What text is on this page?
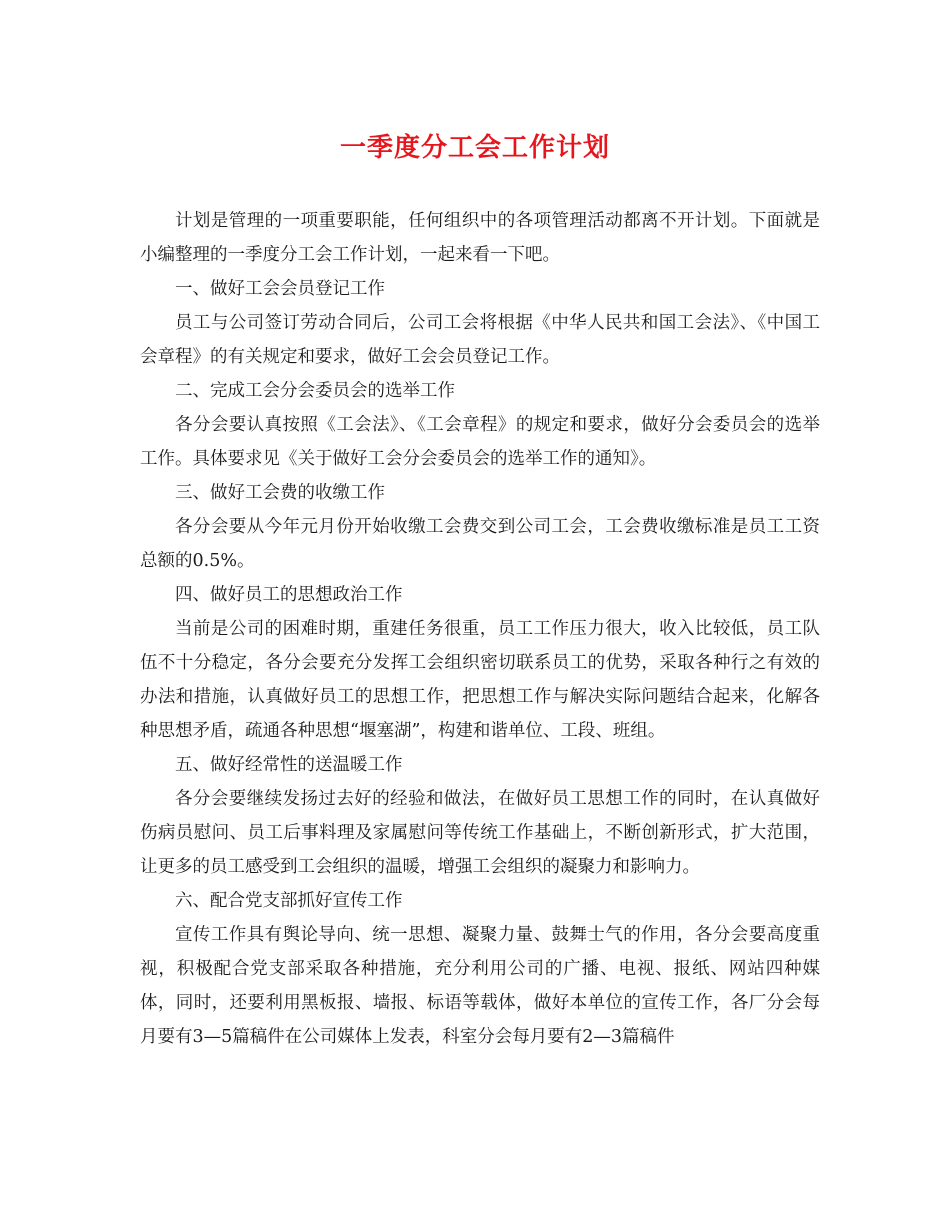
一季度分工会工作计划

计划是管理的一项重要职能，任何组织中的各项管理活动都离不开计划。下面就是小编整理的一季度分工会工作计划，一起来看一下吧。

一、做好工会会员登记工作

员工与公司签订劳动合同后，公司工会将根据《中华人民共和国工会法》、《中国工会章程》的有关规定和要求，做好工会会员登记工作。

二、完成工会分会委员会的选举工作

各分会要认真按照《工会法》、《工会章程》的规定和要求，做好分会委员会的选举工作。具体要求见《关于做好工会分会委员会的选举工作的通知》。

三、做好工会费的收缴工作

各分会要从今年元月份开始收缴工会费交到公司工会，工会费收缴标准是员工工资总额的0.5%。

四、做好员工的思想政治工作

当前是公司的困难时期，重建任务很重，员工工作压力很大，收入比较低，员工队伍不十分稳定，各分会要充分发挥工会组织密切联系员工的优势，采取各种行之有效的办法和措施，认真做好员工的思想工作，把思想工作与解决实际问题结合起来，化解各种思想矛盾，疏通各种思想“堰塞湖”，构建和谐单位、工段、班组。

五、做好经常性的送温暖工作

各分会要继续发扬过去好的经验和做法，在做好员工思想工作的同时，在认真做好伤病员慰问、员工后事料理及家属慰问等传统工作基础上，不断创新形式，扩大范围，让更多的员工感受到工会组织的温暖，增强工会组织的凝聚力和影响力。

六、配合党支部抓好宣传工作

宣传工作具有舆论导向、统一思想、凝聚力量、鼓舞士气的作用，各分会要高度重视，积极配合党支部采取各种措施，充分利用公司的广播、电视、报纸、网站四种媒体，同时，还要利用黑板报、墙报、标语等载体，做好本单位的宣传工作，各厂分会每月要有3—5篇稿件在公司媒体上发表，科室分会每月要有2—3篇稿件
